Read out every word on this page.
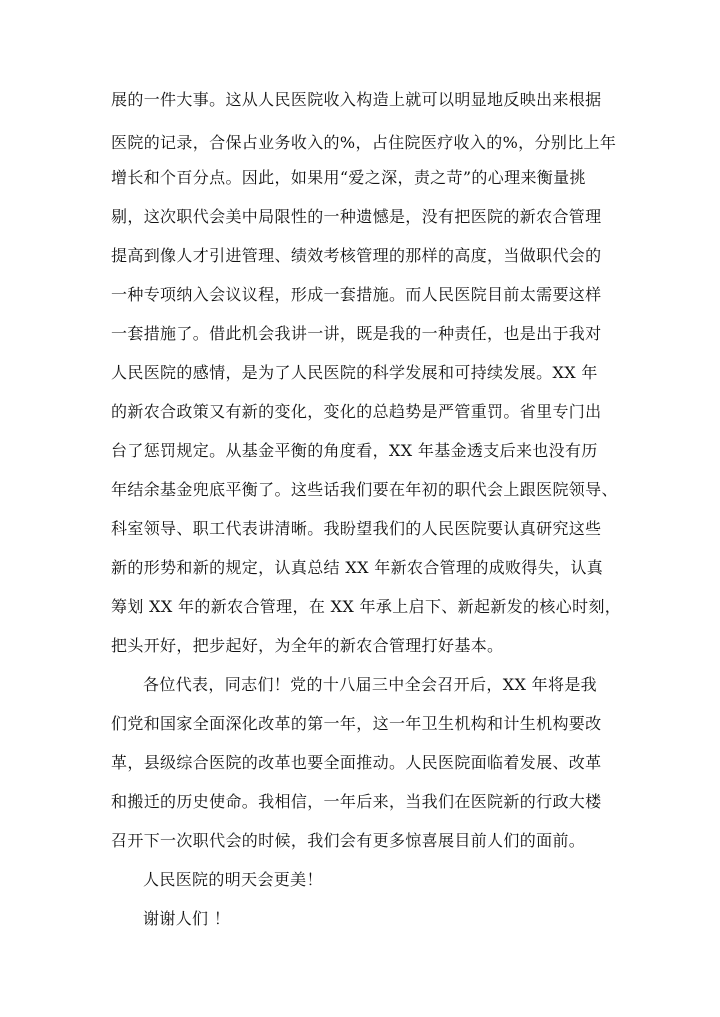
展的一件大事。这从人民医院收入构造上就可以明显地反映出来根据
医院的记录，合保占业务收入的%，占住院医疗收入的%，分别比上年
增长和个百分点。因此，如果用“爱之深，责之苛”的心理来衡量挑
剔，这次职代会美中局限性的一种遗憾是，没有把医院的新农合管理
提高到像人才引进管理、绩效考核管理的那样的高度，当做职代会的
一种专项纳入会议议程，形成一套措施。而人民医院目前太需要这样
一套措施了。借此机会我讲一讲，既是我的一种责任，也是出于我对
人民医院的感情，是为了人民医院的科学发展和可持续发展。XX 年
的新农合政策又有新的变化，变化的总趋势是严管重罚。省里专门出
台了惩罚规定。从基金平衡的角度看，XX 年基金透支后来也没有历
年结余基金兜底平衡了。这些话我们要在年初的职代会上跟医院领导、
科室领导、职工代表讲清晰。我盼望我们的人民医院要认真研究这些
新的形势和新的规定，认真总结 XX 年新农合管理的成败得失，认真
筹划 XX 年的新农合管理，在 XX 年承上启下、新起新发的核心时刻，
把头开好，把步起好，为全年的新农合管理打好基本。
各位代表，同志们！党的十八届三中全会召开后，XX 年将是我
们党和国家全面深化改革的第一年，这一年卫生机构和计生机构要改
革，县级综合医院的改革也要全面推动。人民医院面临着发展、改革
和搬迁的历史使命。我相信，一年后来，当我们在医院新的行政大楼
召开下一次职代会的时候，我们会有更多惊喜展目前人们的面前。
人民医院的明天会更美！
谢谢人们 ！
